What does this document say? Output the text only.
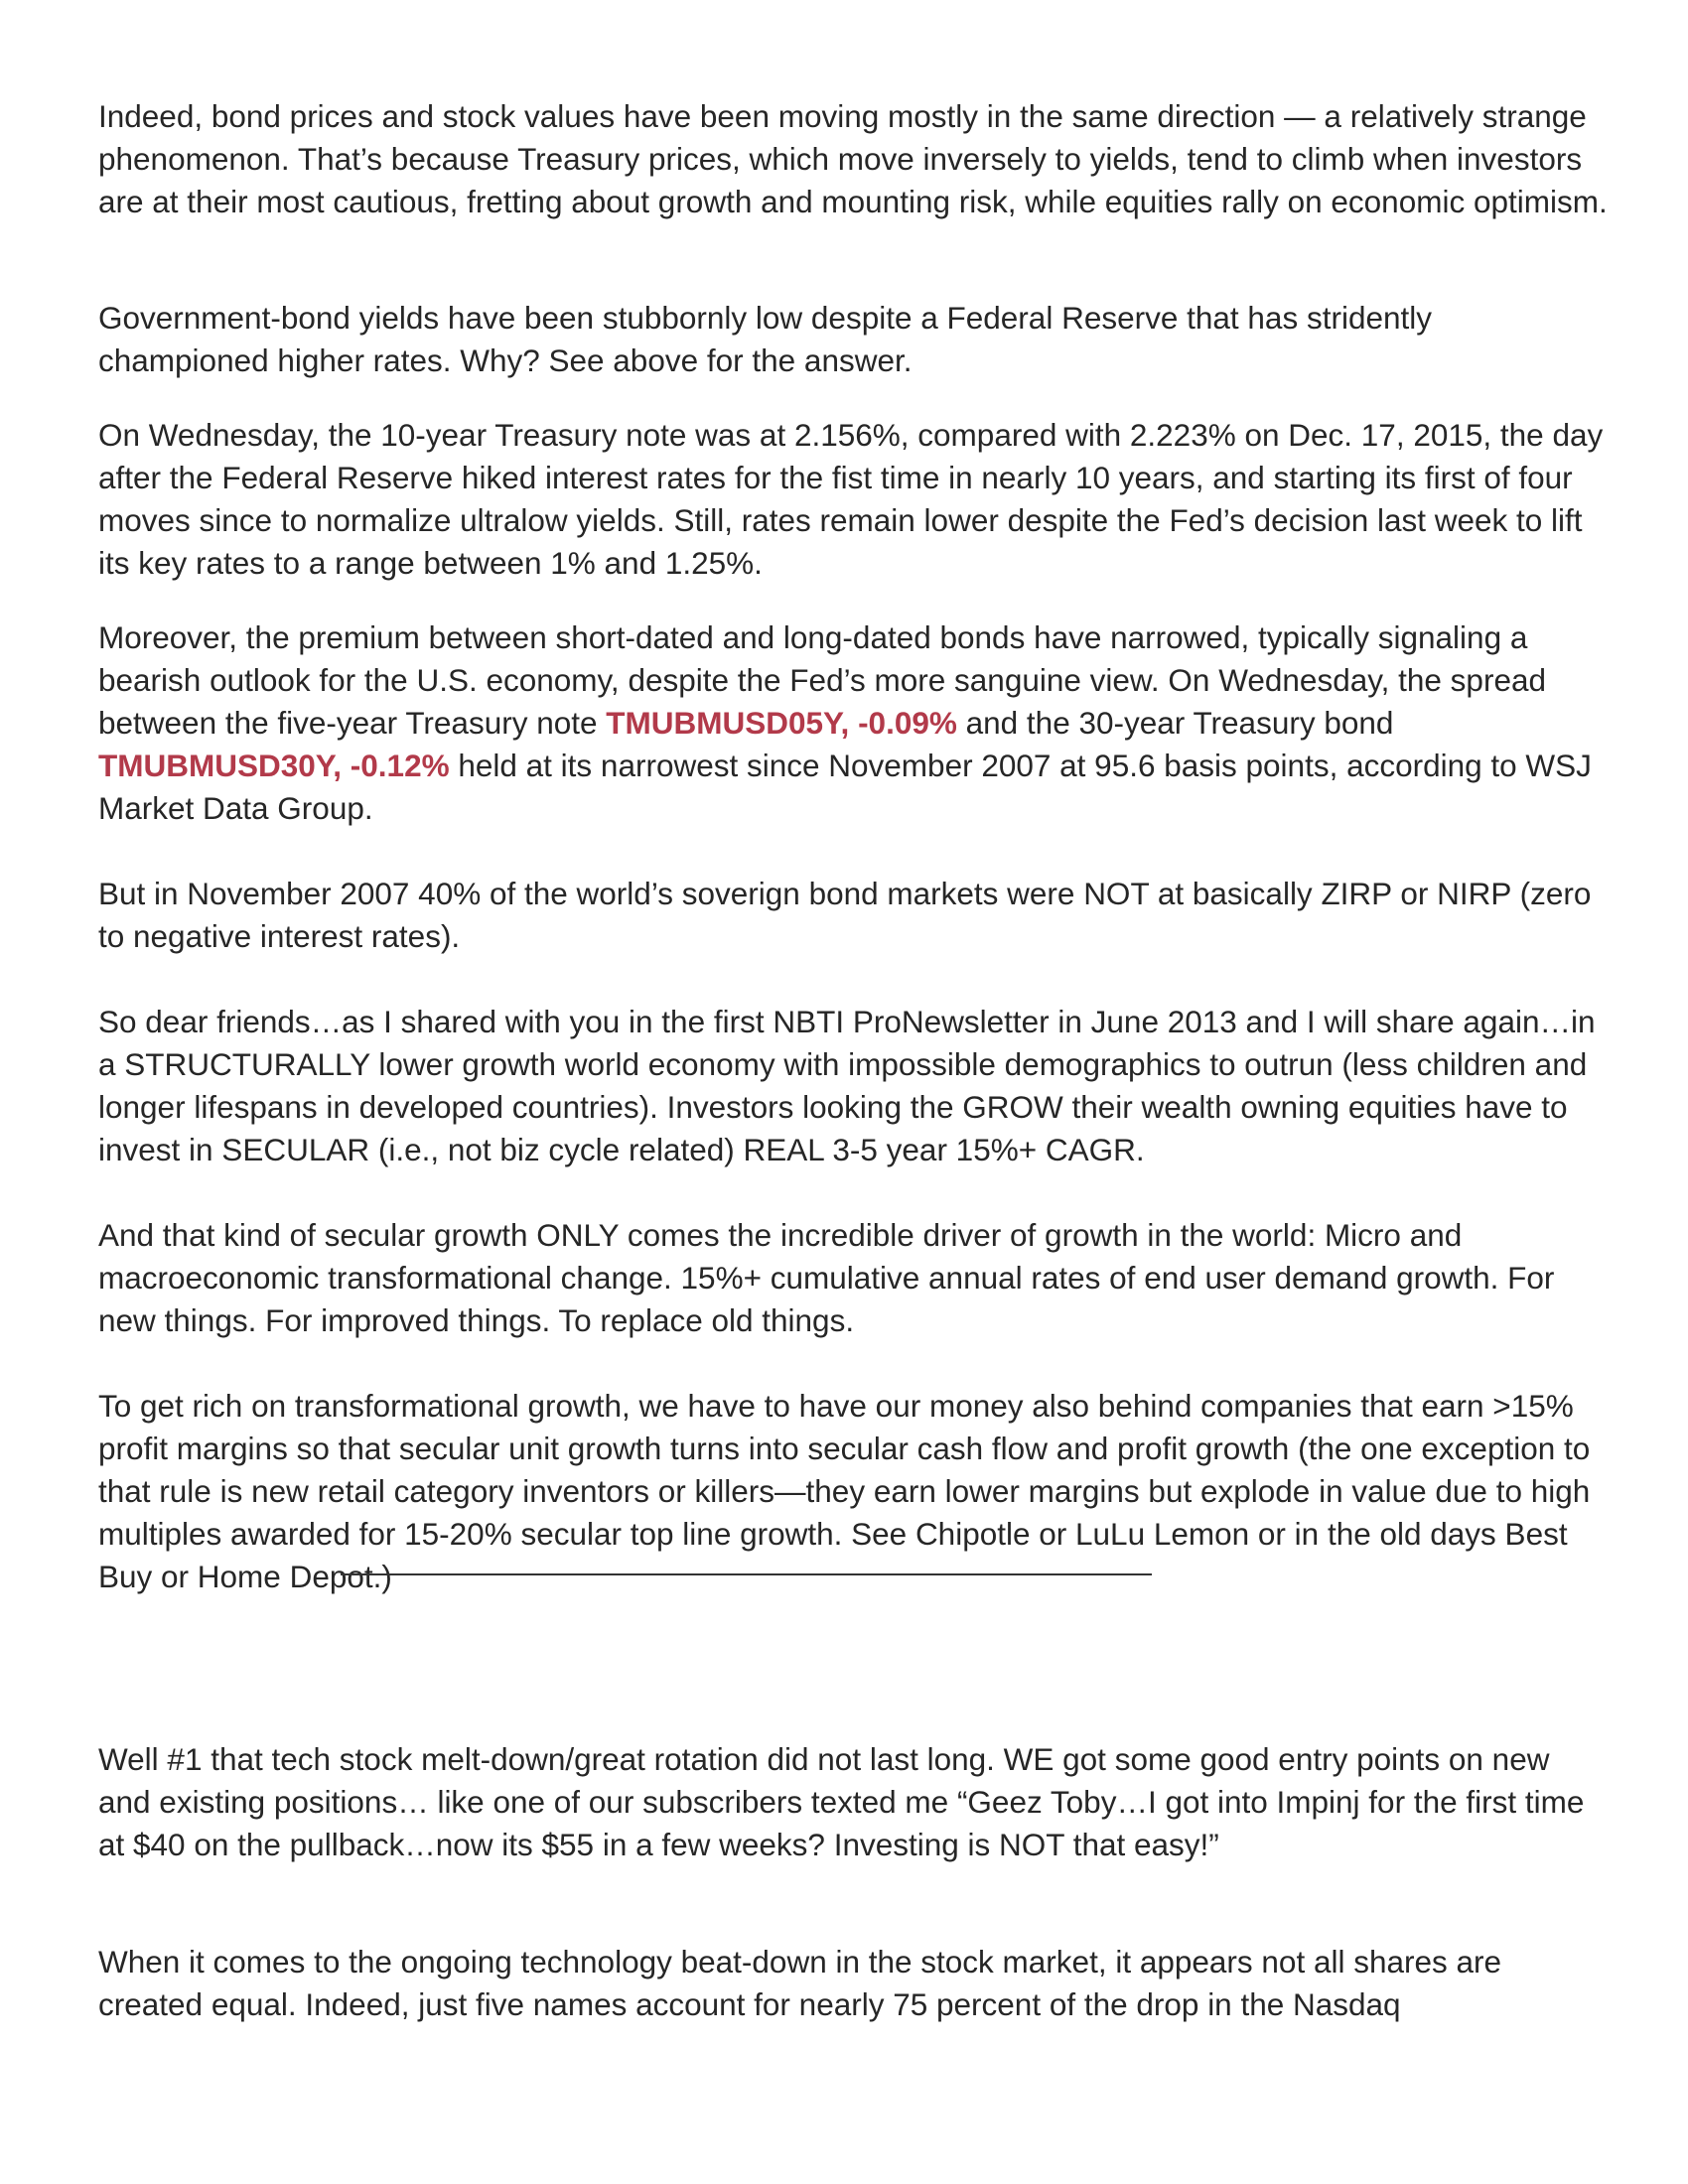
Indeed, bond prices and stock values have been moving mostly in the same direction — a relatively strange phenomenon. That’s because Treasury prices, which move inversely to yields, tend to climb when investors are at their most cautious, fretting about growth and mounting risk, while equities rally on economic optimism.

Government-bond yields have been stubbornly low despite a Federal Reserve that has stridently championed higher rates. Why? See above for the answer.

On Wednesday, the 10-year Treasury note was at 2.156%, compared with 2.223% on Dec. 17, 2015, the day after the Federal Reserve hiked interest rates for the fist time in nearly 10 years, and starting its first of four moves since to normalize ultralow yields. Still, rates remain lower despite the Fed’s decision last week to lift its key rates to a range between 1% and 1.25%.

Moreover, the premium between short-dated and long-dated bonds have narrowed, typically signaling a bearish outlook for the U.S. economy, despite the Fed’s more sanguine view. On Wednesday, the spread between the five-year Treasury note TMUBMUSD05Y, -0.09% and the 30-year Treasury bond TMUBMUSD30Y, -0.12% held at its narrowest since November 2007 at 95.6 basis points, according to WSJ Market Data Group.

But in November 2007 40% of the world’s soverign bond markets were NOT at basically ZIRP or NIRP (zero to negative interest rates).

So dear friends…as I shared with you in the first NBTI ProNewsletter in June 2013 and I will share again…in a STRUCTURALLY lower growth world economy with impossible demographics to outrun (less children and longer lifespans in developed countries). Investors looking the GROW their wealth owning equities have to invest in SECULAR (i.e., not biz cycle related) REAL 3-5 year 15%+ CAGR.

And that kind of secular growth ONLY comes the incredible driver of growth in the world: Micro and macroeconomic transformational change. 15%+ cumulative annual rates of end user demand growth. For new things. For improved things. To replace old things.

To get rich on transformational growth, we have to have our money also behind companies that earn >15% profit margins so that secular unit growth turns into secular cash flow and profit growth (the one exception to that rule is new retail category inventors or killers—they earn lower margins but explode in value due to high multiples awarded for 15-20% secular top line growth. See Chipotle or LuLu Lemon or in the old days Best Buy or Home Depot.)

Well #1 that tech stock melt-down/great rotation did not last long. WE got some good entry points on new and existing positions… like one of our subscribers texted me “Geez Toby…I got into Impinj for the first time at $40 on the pullback…now its $55 in a few weeks? Investing is NOT that easy!”

When it comes to the ongoing technology beat-down in the stock market, it appears not all shares are created equal. Indeed, just five names account for nearly 75 percent of the drop in the Nasdaq
